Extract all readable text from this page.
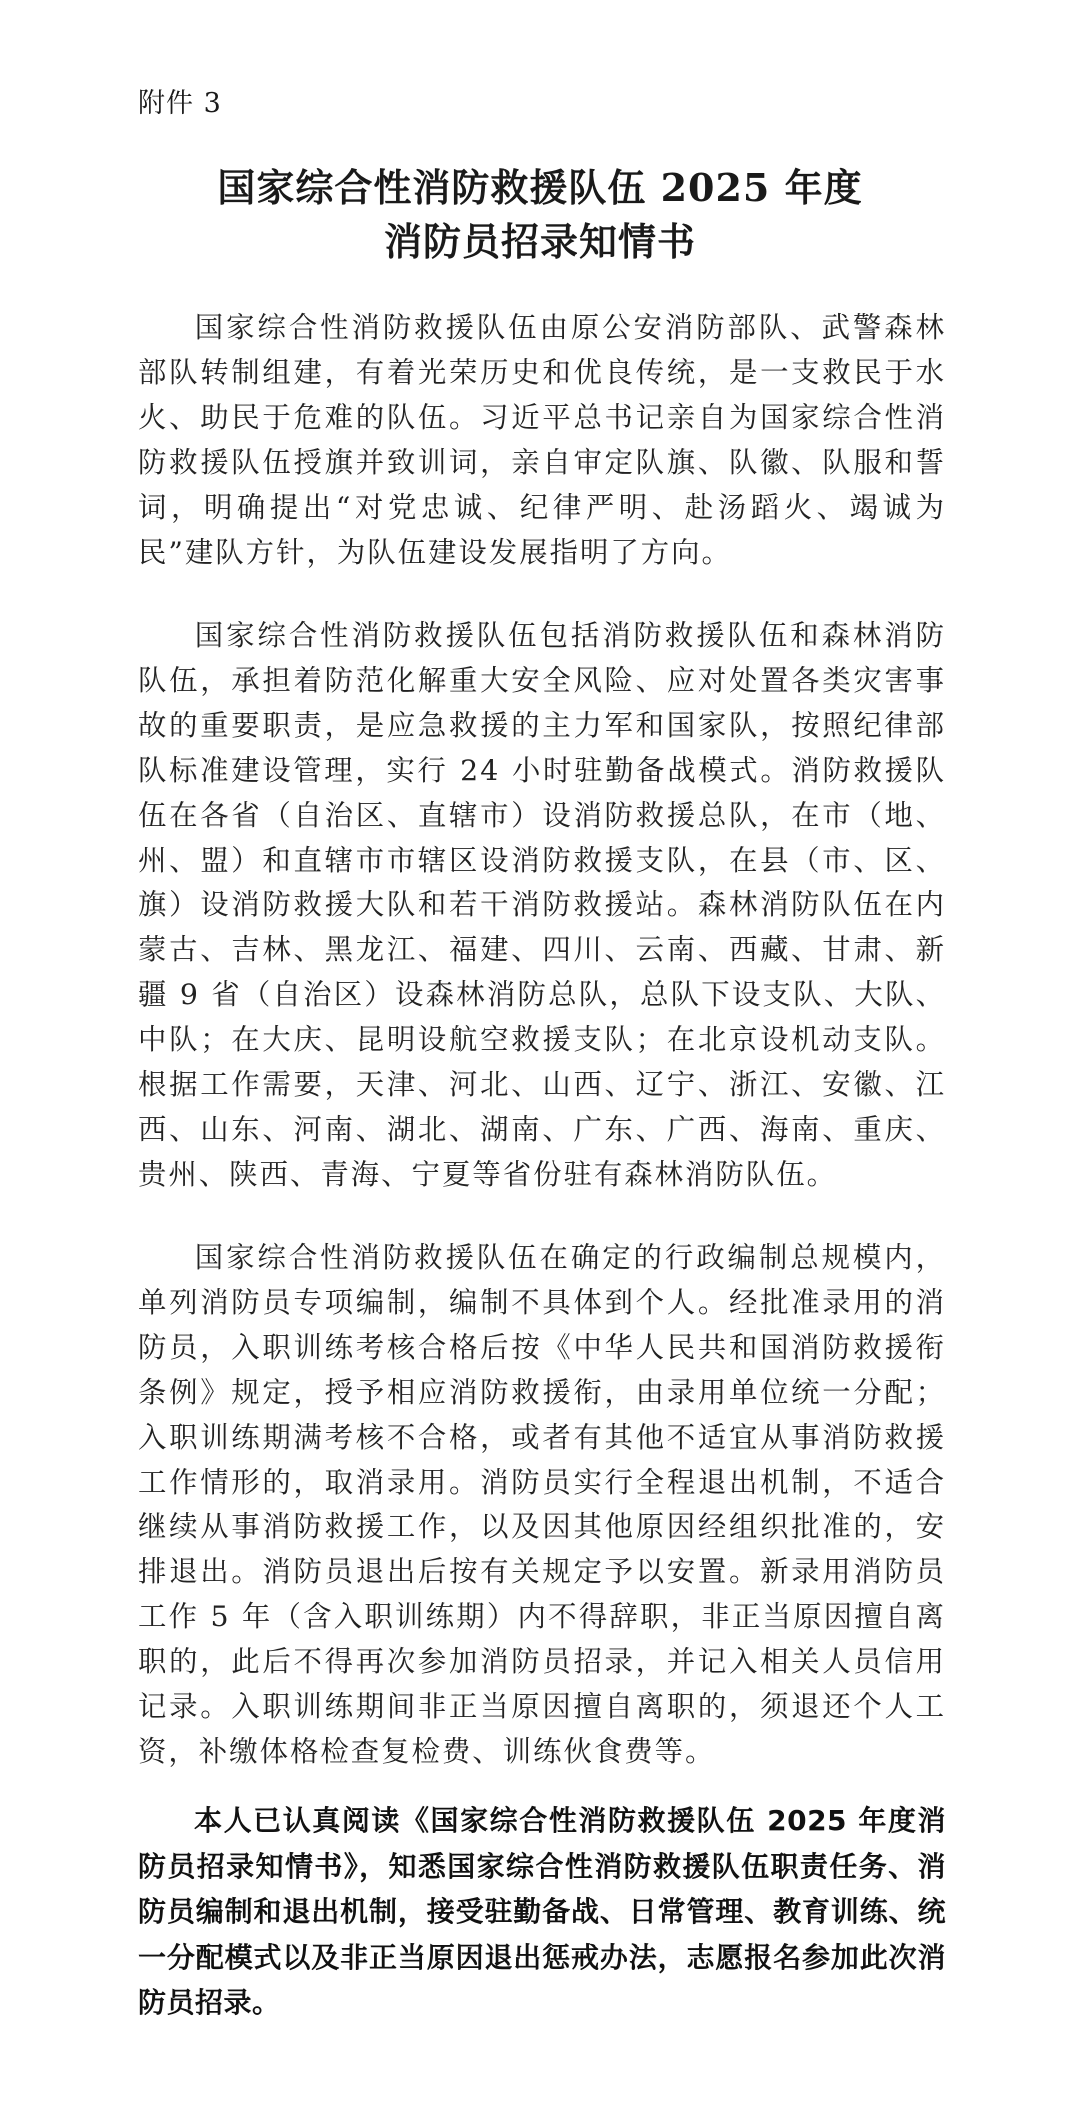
附件 3
国家综合性消防救援队伍 2025 年度
消防员招录知情书

国家综合性消防救援队伍由原公安消防部队、武警森林部队转制组建，有着光荣历史和优良传统，是一支救民于水火、助民于危难的队伍。习近平总书记亲自为国家综合性消防救援队伍授旗并致训词，亲自审定队旗、队徽、队服和誓词，明确提出“对党忠诚、纪律严明、赴汤蹈火、竭诚为民”建队方针，为队伍建设发展指明了方向。

国家综合性消防救援队伍包括消防救援队伍和森林消防队伍，承担着防范化解重大安全风险、应对处置各类灾害事故的重要职责，是应急救援的主力军和国家队，按照纪律部队标准建设管理，实行 24 小时驻勤备战模式。消防救援队伍在各省（自治区、直辖市）设消防救援总队，在市（地、州、盟）和直辖市市辖区设消防救援支队，在县（市、区、旗）设消防救援大队和若干消防救援站。森林消防队伍在内蒙古、吉林、黑龙江、福建、四川、云南、西藏、甘肃、新疆 9 省（自治区）设森林消防总队，总队下设支队、大队、中队；在大庆、昆明设航空救援支队；在北京设机动支队。根据工作需要，天津、河北、山西、辽宁、浙江、安徽、江西、山东、河南、湖北、湖南、广东、广西、海南、重庆、贵州、陕西、青海、宁夏等省份驻有森林消防队伍。

国家综合性消防救援队伍在确定的行政编制总规模内，单列消防员专项编制，编制不具体到个人。经批准录用的消防员，入职训练考核合格后按《中华人民共和国消防救援衔条例》规定，授予相应消防救援衔，由录用单位统一分配；入职训练期满考核不合格，或者有其他不适宜从事消防救援工作情形的，取消录用。消防员实行全程退出机制，不适合继续从事消防救援工作，以及因其他原因经组织批准的，安排退出。消防员退出后按有关规定予以安置。新录用消防员工作 5 年（含入职训练期）内不得辞职，非正当原因擅自离职的，此后不得再次参加消防员招录，并记入相关人员信用记录。入职训练期间非正当原因擅自离职的，须退还个人工资，补缴体格检查复检费、训练伙食费等。

本人已认真阅读《国家综合性消防救援队伍 2025 年度消防员招录知情书》，知悉国家综合性消防救援队伍职责任务、消防员编制和退出机制，接受驻勤备战、日常管理、教育训练、统一分配模式以及非正当原因退出惩戒办法，志愿报名参加此次消防员招录。
